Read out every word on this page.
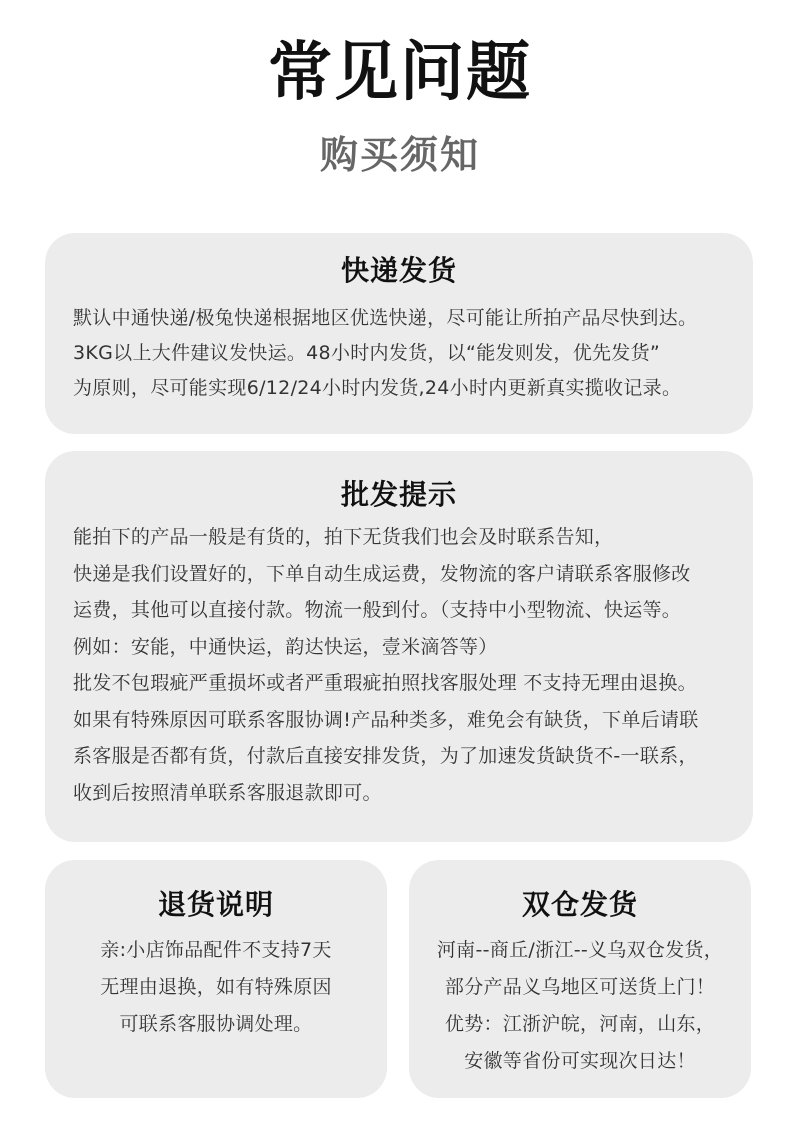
常见问题
购买须知
快递发货
默认中通快递/极兔快递根据地区优选快递，尽可能让所拍产品尽快到达。
3KG以上大件建议发快运。48小时内发货，以“能发则发，优先发货”
为原则，尽可能实现6/12/24小时内发货,24小时内更新真实揽收记录。
批发提示
能拍下的产品一般是有货的，拍下无货我们也会及时联系告知，
快递是我们设置好的，下单自动生成运费，发物流的客户请联系客服修改
运费，其他可以直接付款。物流一般到付。（支持中小型物流、快运等。
例如：安能，中通快运，韵达快运，壹米滴答等）
批发不包瑕疵严重损坏或者严重瑕疵拍照找客服处理 不支持无理由退换。
如果有特殊原因可联系客服协调!产品种类多，难免会有缺货，下单后请联
系客服是否都有货，付款后直接安排发货，为了加速发货缺货不-一联系，
收到后按照清单联系客服退款即可。
退货说明
亲:小店饰品配件不支持7天
无理由退换，如有特殊原因
可联系客服协调处理。
双仓发货
河南--商丘/浙江--义乌双仓发货，
部分产品义乌地区可送货上门！
优势：江浙沪皖，河南，山东，
安徽等省份可实现次日达！
